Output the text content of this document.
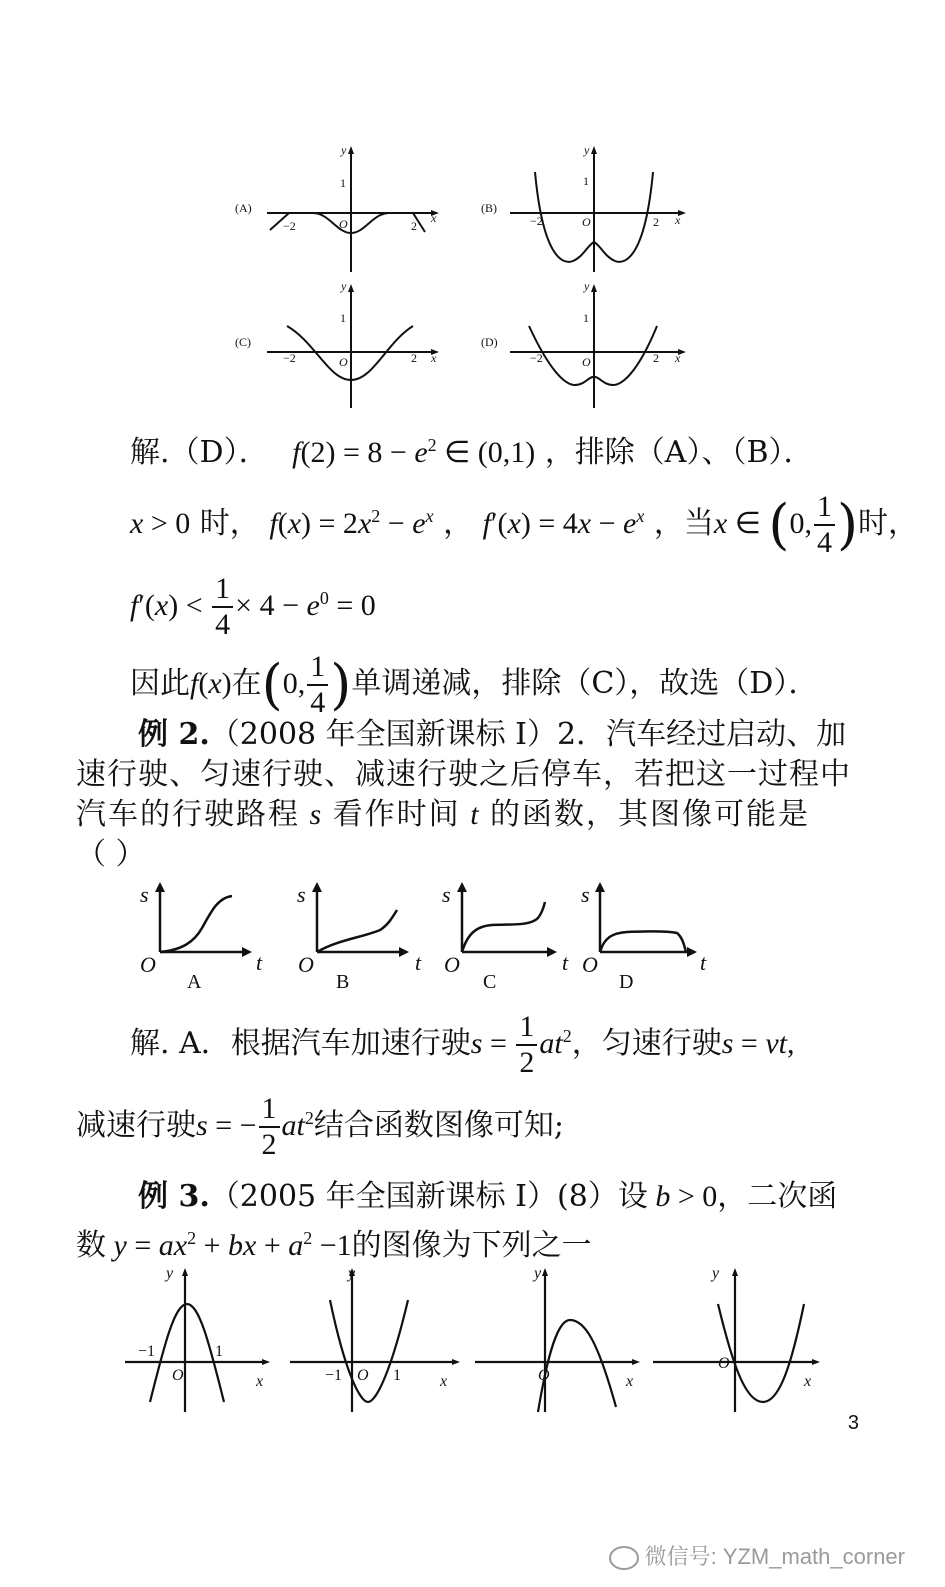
(A)
−2	2
1
O	x
y
(B)
−2	2
1
O	x
y
(C)
−2	2
1
O	x
y
(D)
−2	2
1
O	x
y
解.（D）． $f(2) = 8 - e^2$ ∈ (0,1) ，排除（A）、（B）．
x > 0 时， $f(x) = 2x^2 - e^x$ ， $f'(x) = 4x - e^x$ ，当x ∈ (0, $\frac{1}{4}$ )时，
$f'(x) < \frac{1}{4} \times 4 - e^0 = 0$
因此f(x)在(0, $\frac{1}{4}$ )单调递减，排除（C），故选（D）．
例 2.（2008 年全国新课标 I）2．汽车经过启动、加
速行驶、匀速行驶、减速行驶之后停车，若把这一过程中
汽车的行驶路程 s 看作时间 t 的函数，其图像可能是
（ ）
s
O	t
s
O	t
s
O	t
s
O	t
A	B	C	D
解. A．根据汽车加速行驶$s = \frac{1}{2} at^2$，匀速行驶s = vt,
减速行驶s = − $\frac{1}{2} at^2$结合函数图像可知;
例 3.（2005 年全国新课标 I）(8）设 b > 0，二次函
数 $y = ax^2$ + bx + $a^2 -1$的图像为下列之一
y
x
O
−1	1
y
x
O
−1	1
y
x
O
y
x
O
3
微信号: YZM_math_corner
